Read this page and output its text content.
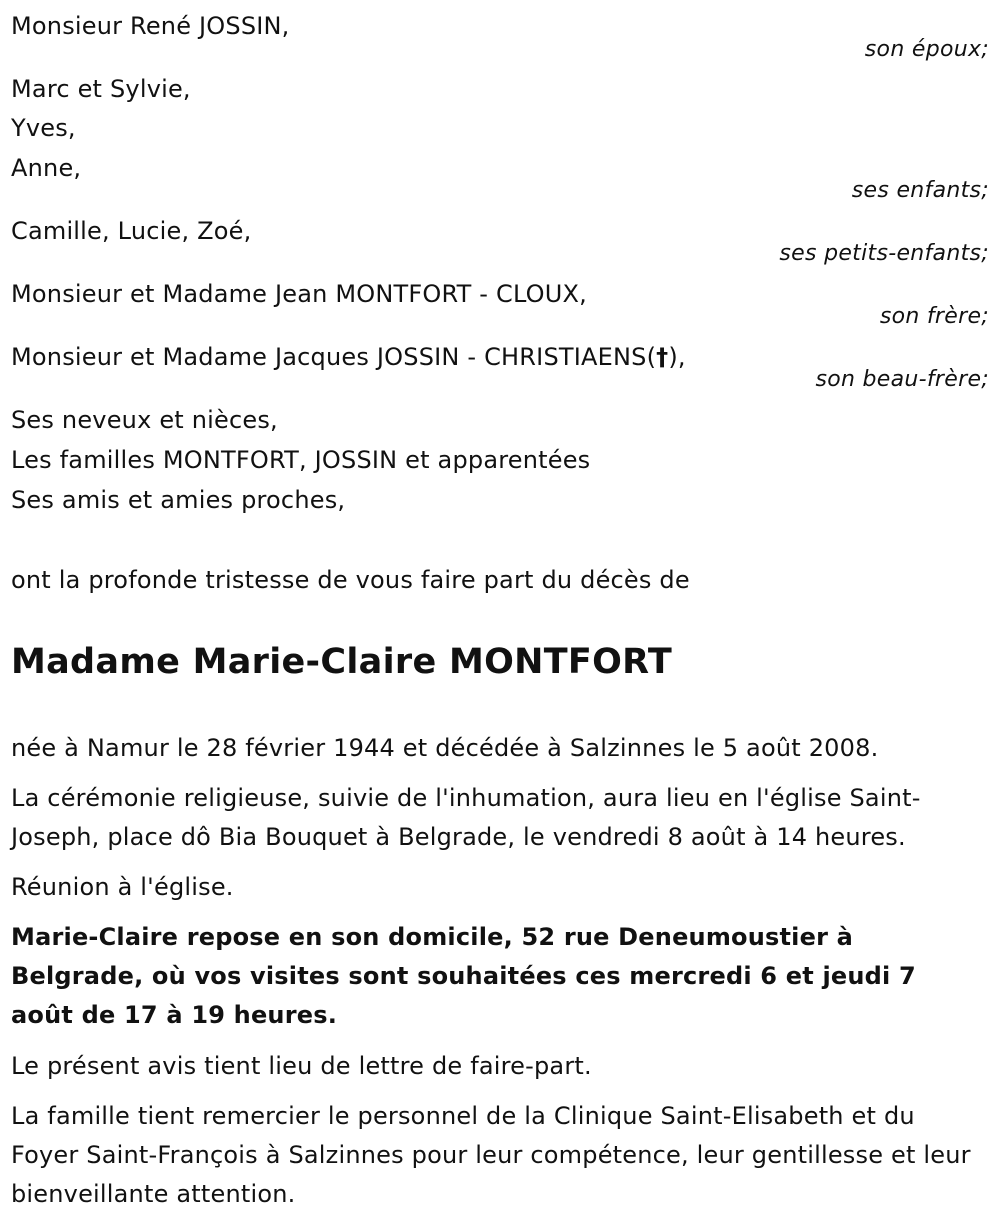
Monsieur René JOSSIN,
son époux;
Marc et Sylvie,
Yves,
Anne,
ses enfants;
Camille, Lucie, Zoé,
ses petits-enfants;
Monsieur et Madame Jean MONTFORT - CLOUX,
son frère;
Monsieur et Madame Jacques JOSSIN - CHRISTIAENS(†),
son beau-frère;
Ses neveux et nièces,
Les familles MONTFORT, JOSSIN et apparentées
Ses amis et amies proches,
ont la profonde tristesse de vous faire part du décès de
Madame Marie-Claire MONTFORT
née à Namur le 28 février 1944 et décédée à Salzinnes le 5 août 2008.
La cérémonie religieuse, suivie de l'inhumation, aura lieu en l'église Saint-Joseph, place dô Bia Bouquet à Belgrade, le vendredi 8 août à 14 heures.
Réunion à l'église.
Marie-Claire repose en son domicile, 52 rue Deneumoustier à Belgrade, où vos visites sont souhaitées ces mercredi 6 et jeudi 7 août de 17 à 19 heures.
Le présent avis tient lieu de lettre de faire-part.
La famille tient remercier le personnel de la Clinique Saint-Elisabeth et du Foyer Saint-François à Salzinnes pour leur compétence, leur gentillesse et leur bienveillante attention.
